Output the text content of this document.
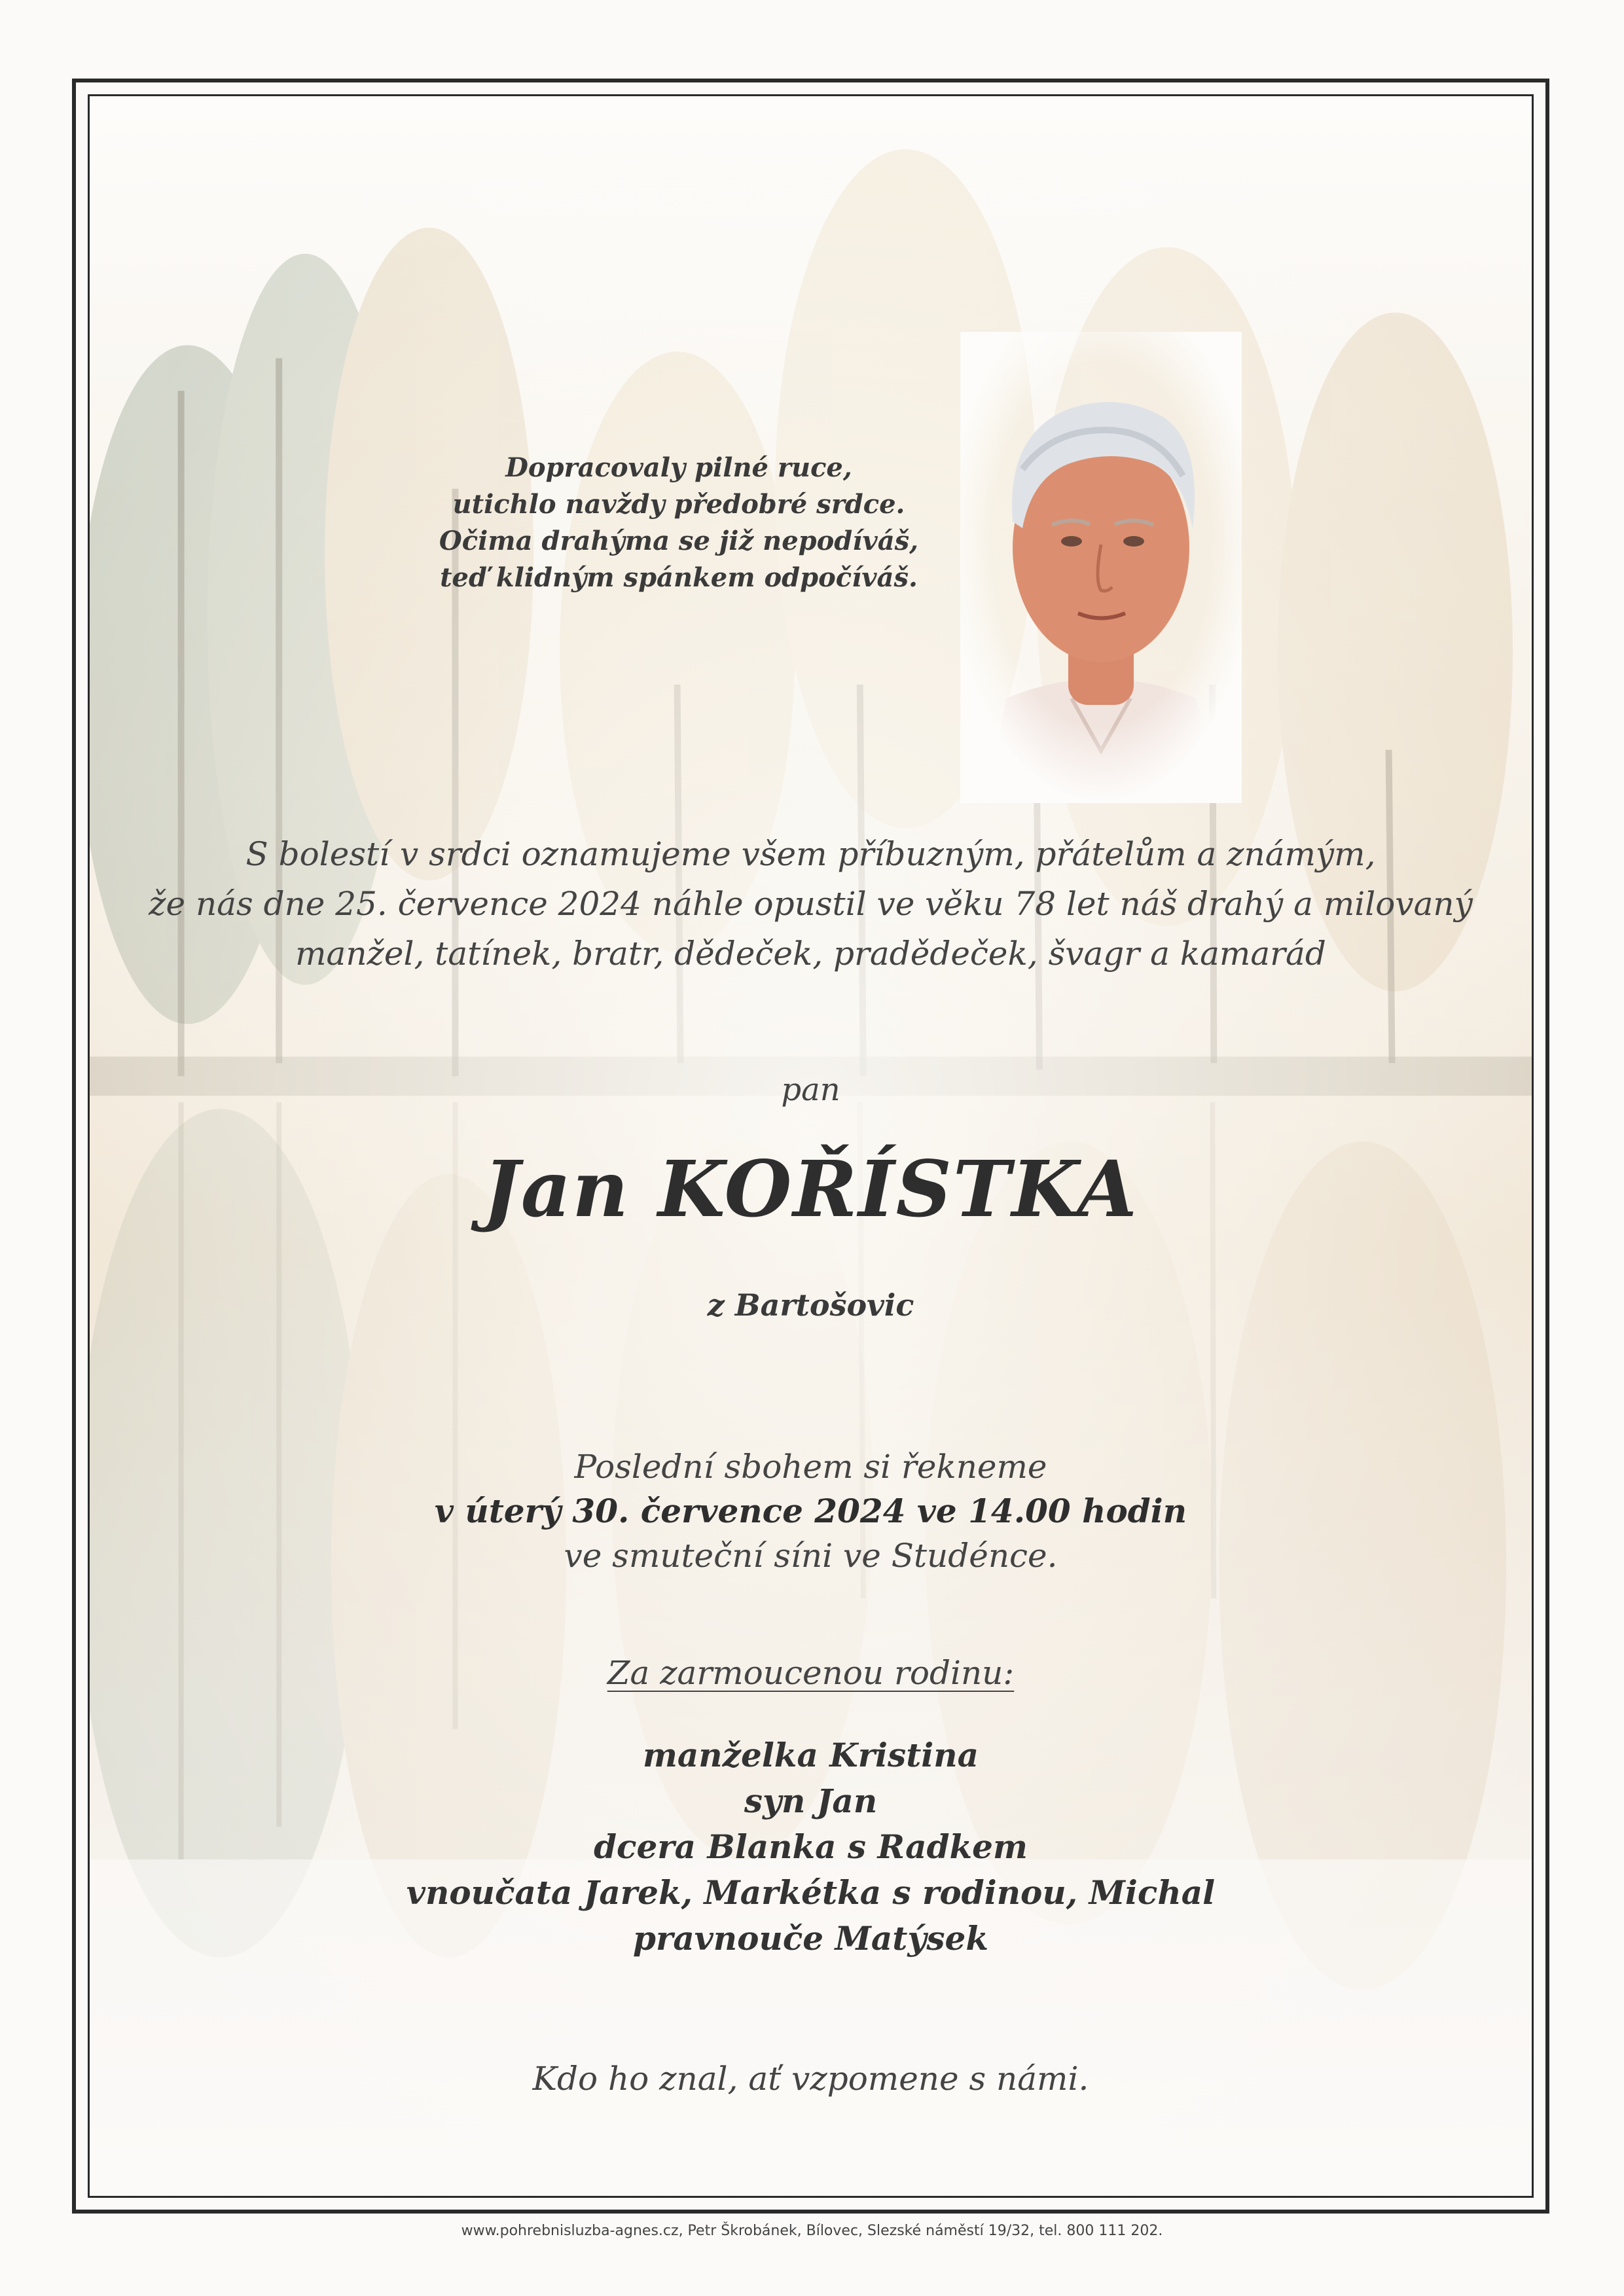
Dopracovaly pilné ruce,
utichlo navždy předobré srdce.
Očima drahýma se již nepodíváš,
teď klidným spánkem odpočíváš.
S bolestí v srdci oznamujeme všem příbuzným, přátelům a známým,
že nás dne 25. července 2024 náhle opustil ve věku 78 let náš drahý a milovaný
manžel, tatínek, bratr, dědeček, pradědeček, švagr a kamarád
pan
Jan KOŘÍSTKA
z Bartošovic
Poslední sbohem si řekneme
v úterý 30. července 2024 ve 14.00 hodin
ve smuteční síni ve Studénce.
Za zarmoucenou rodinu:
manželka Kristina
syn Jan
dcera Blanka s Radkem
vnoučata Jarek, Markétka s rodinou, Michal
pravnouče Matýsek
Kdo ho znal, ať vzpomene s námi.
www.pohrebnisluzba-agnes.cz, Petr Škrobánek, Bílovec, Slezské náměstí 19/32, tel. 800 111 202.
